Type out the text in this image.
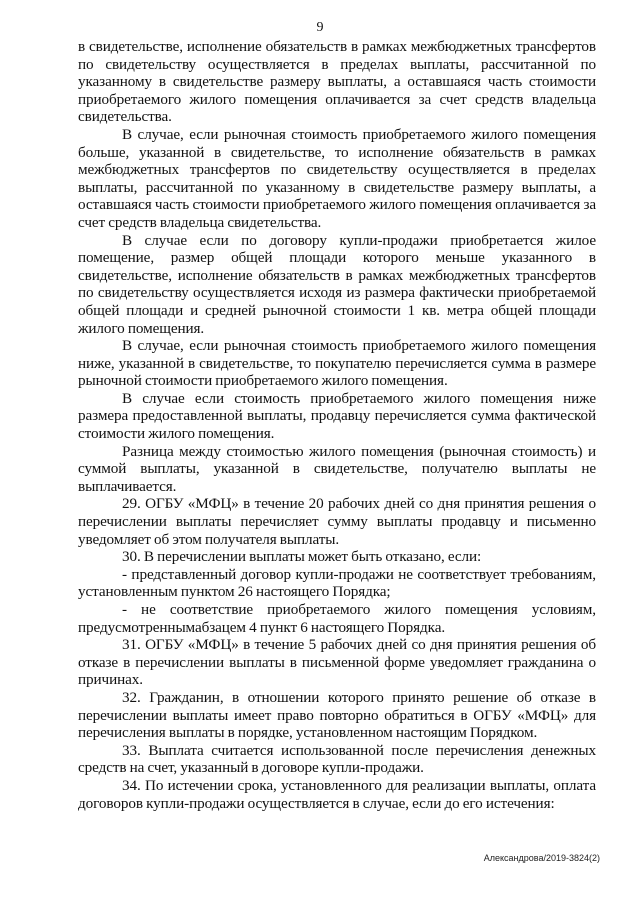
9

в свидетельстве, исполнение обязательств в рамках межбюджетных трансфертов по свидетельству осуществляется в пределах выплаты, рассчитанной по указанному в свидетельстве размеру выплаты, а оставшаяся часть стоимости приобретаемого жилого помещения оплачивается за счет средств владельца свидетельства.

В случае, если рыночная стоимость приобретаемого жилого помещения больше, указанной в свидетельстве, то исполнение обязательств в рамках межбюджетных трансфертов по свидетельству осуществляется в пределах выплаты, рассчитанной по указанному в свидетельстве размеру выплаты, а оставшаяся часть стоимости приобретаемого жилого помещения оплачивается за счет средств владельца свидетельства.

В случае если по договору купли-продажи приобретается жилое помещение, размер общей площади которого меньше указанного в свидетельстве, исполнение обязательств в рамках межбюджетных трансфертов по свидетельству осуществляется исходя из размера фактически приобретаемой общей площади и средней рыночной стоимости 1 кв. метра общей площади жилого помещения.

В случае, если рыночная стоимость приобретаемого жилого помещения ниже, указанной в свидетельстве, то покупателю перечисляется сумма в размере рыночной стоимости приобретаемого жилого помещения.

В случае если стоимость приобретаемого жилого помещения ниже размера предоставленной выплаты, продавцу перечисляется сумма фактической стоимости жилого помещения.

Разница между стоимостью жилого помещения (рыночная стоимость) и суммой выплаты, указанной в свидетельстве, получателю выплаты не выплачивается.

29. ОГБУ «МФЦ» в течение 20 рабочих дней со дня принятия решения о перечислении выплаты перечисляет сумму выплаты продавцу и письменно уведомляет об этом получателя выплаты.

30. В перечислении выплаты может быть отказано, если:

- представленный договор купли-продажи не соответствует требованиям, установленным пунктом 26 настоящего Порядка;

- не соответствие приобретаемого жилого помещения условиям, предусмотреннымабзацем 4 пункт 6 настоящего Порядка.

31. ОГБУ «МФЦ» в течение 5 рабочих дней со дня принятия решения об отказе в перечислении выплаты в письменной форме уведомляет гражданина о причинах.

32. Гражданин, в отношении которого принято решение об отказе в перечислении выплаты имеет право повторно обратиться в ОГБУ «МФЦ» для перечисления выплаты в порядке, установленном настоящим Порядком.

33. Выплата считается использованной после перечисления денежных средств на счет, указанный в договоре купли-продажи.

34. По истечении срока, установленного для реализации выплаты, оплата договоров купли-продажи осуществляется в случае, если до его истечения:

Александрова/2019-3824(2)
